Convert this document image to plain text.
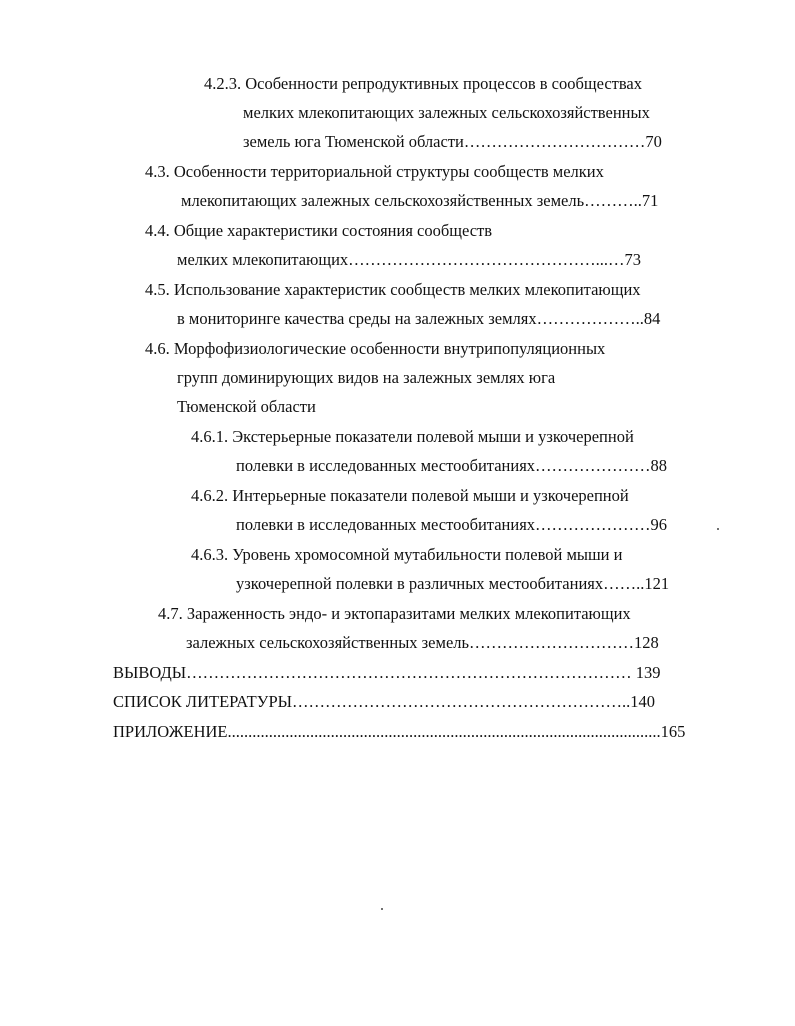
4.2.3. Особенности репродуктивных процессов в сообществах
мелких млекопитающих залежных сельскохозяйственных
земель юга Тюменской области……………………………70
4.3. Особенности территориальной структуры сообществ мелких
млекопитающих залежных сельскохозяйственных земель………..71
4.4. Общие характеристики состояния сообществ
мелких млекопитающих………………………………………...…73
4.5. Использование характеристик сообществ мелких млекопитающих
в мониторинге качества среды на залежных землях………………..84
4.6. Морфофизиологические особенности внутрипопуляционных
групп доминирующих видов на залежных землях юга
Тюменской области
4.6.1. Экстерьерные показатели полевой мыши и узкочерепной
полевки в исследованных местообитаниях…………………88
4.6.2. Интерьерные показатели полевой мыши и узкочерепной
полевки в исследованных местообитаниях…………………96
4.6.3. Уровень хромосомной мутабильности полевой мыши и
узкочерепной полевки в различных местообитаниях……..121
4.7. Зараженность эндо- и эктопаразитами мелких млекопитающих
залежных сельскохозяйственных земель…………………………128
ВЫВОДЫ……………………………………………………………………… 139
СПИСОК ЛИТЕРАТУРЫ……………………………………………………..140
ПРИЛОЖЕНИЕ.........................................................................................................165
